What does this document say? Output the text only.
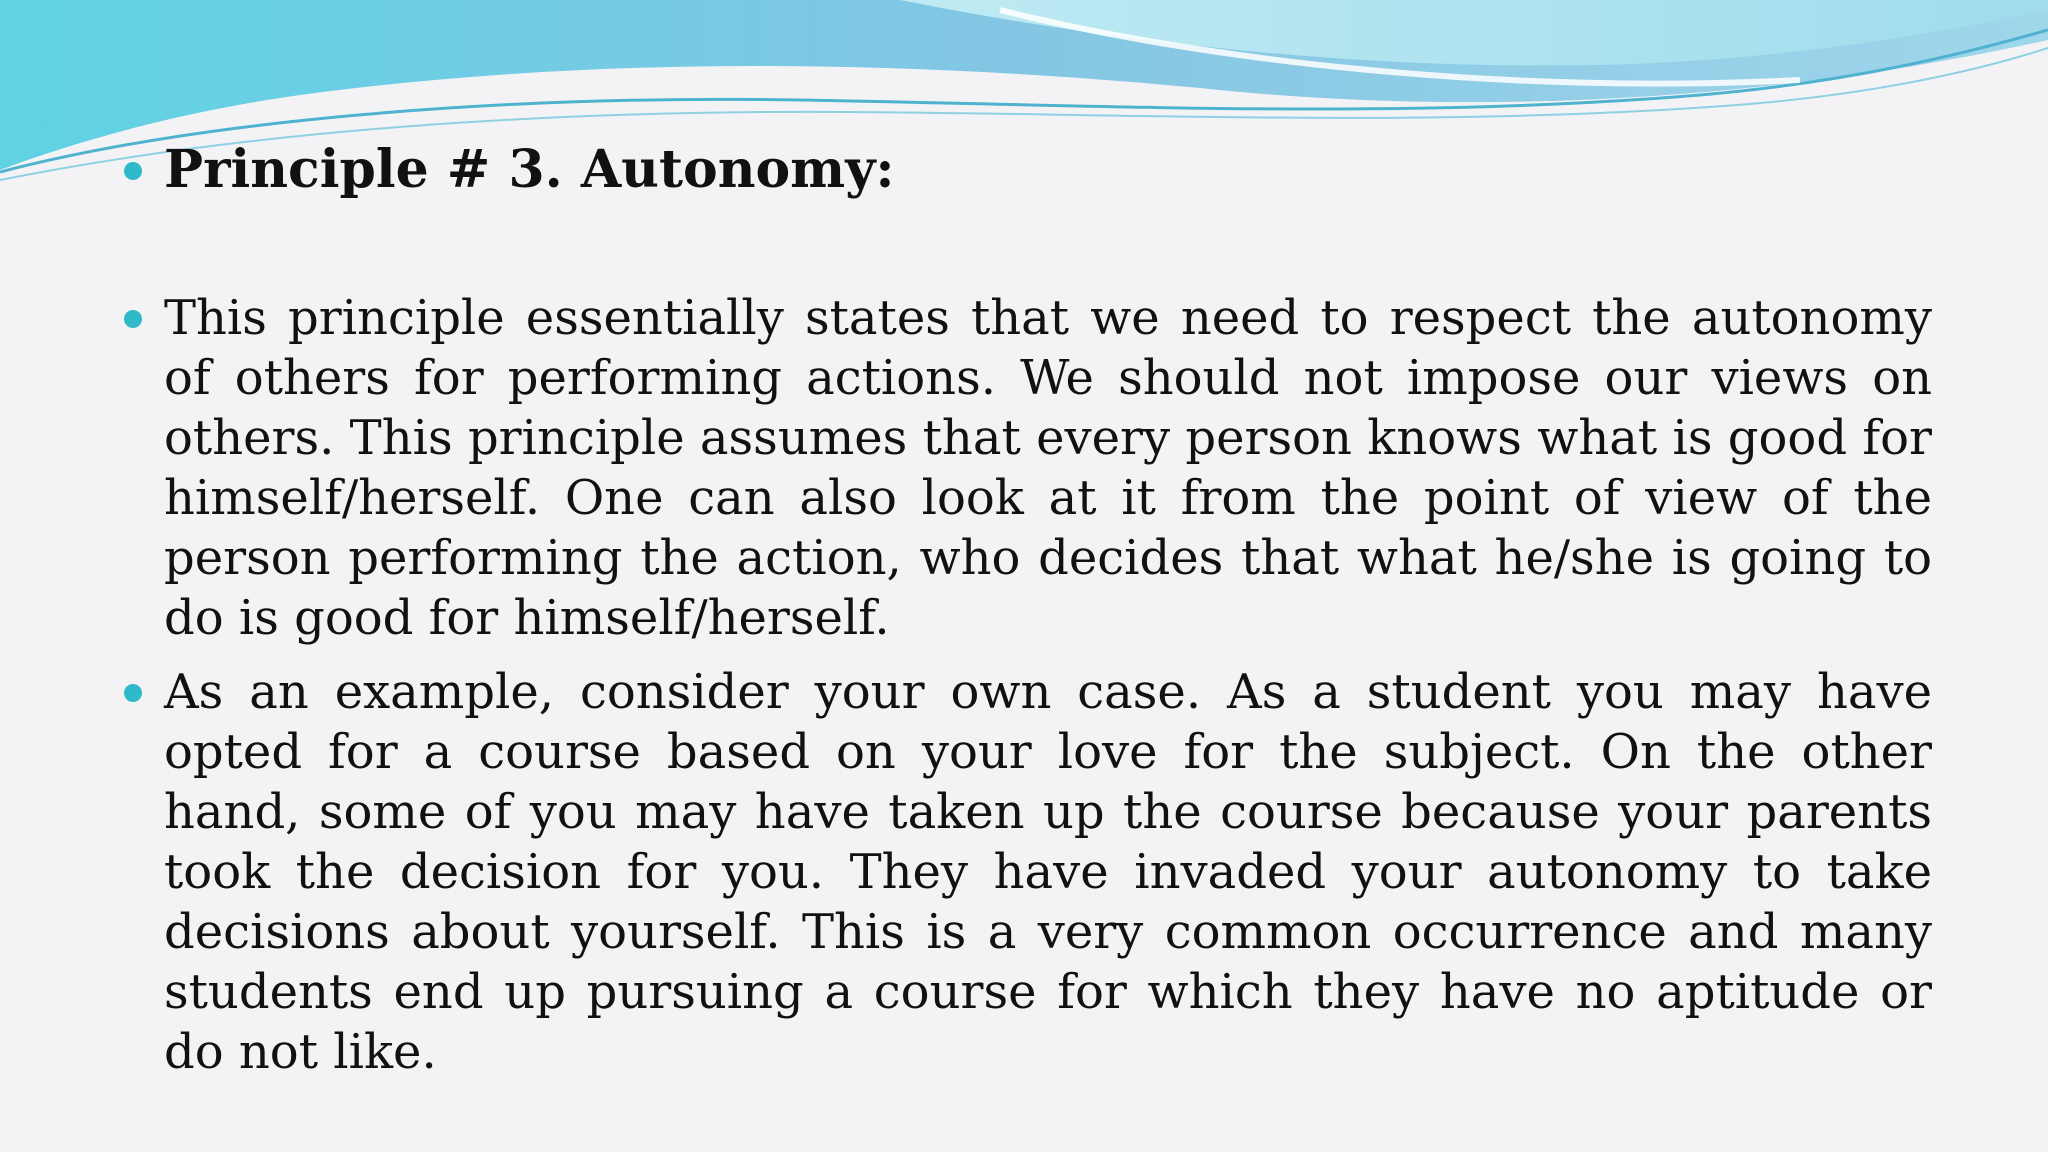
Principle # 3. Autonomy:
This principle essentially states that we need to respect the autonomy of others for performing actions. We should not impose our views on others. This principle assumes that every person knows what is good for himself/herself. One can also look at it from the point of view of the person performing the action, who decides that what he/she is going to do is good for himself/herself.
As an example, consider your own case. As a student you may have opted for a course based on your love for the subject. On the other hand, some of you may have taken up the course because your parents took the decision for you. They have invaded your autonomy to take decisions about yourself. This is a very common occurrence and many students end up pursuing a course for which they have no aptitude or do not like.
